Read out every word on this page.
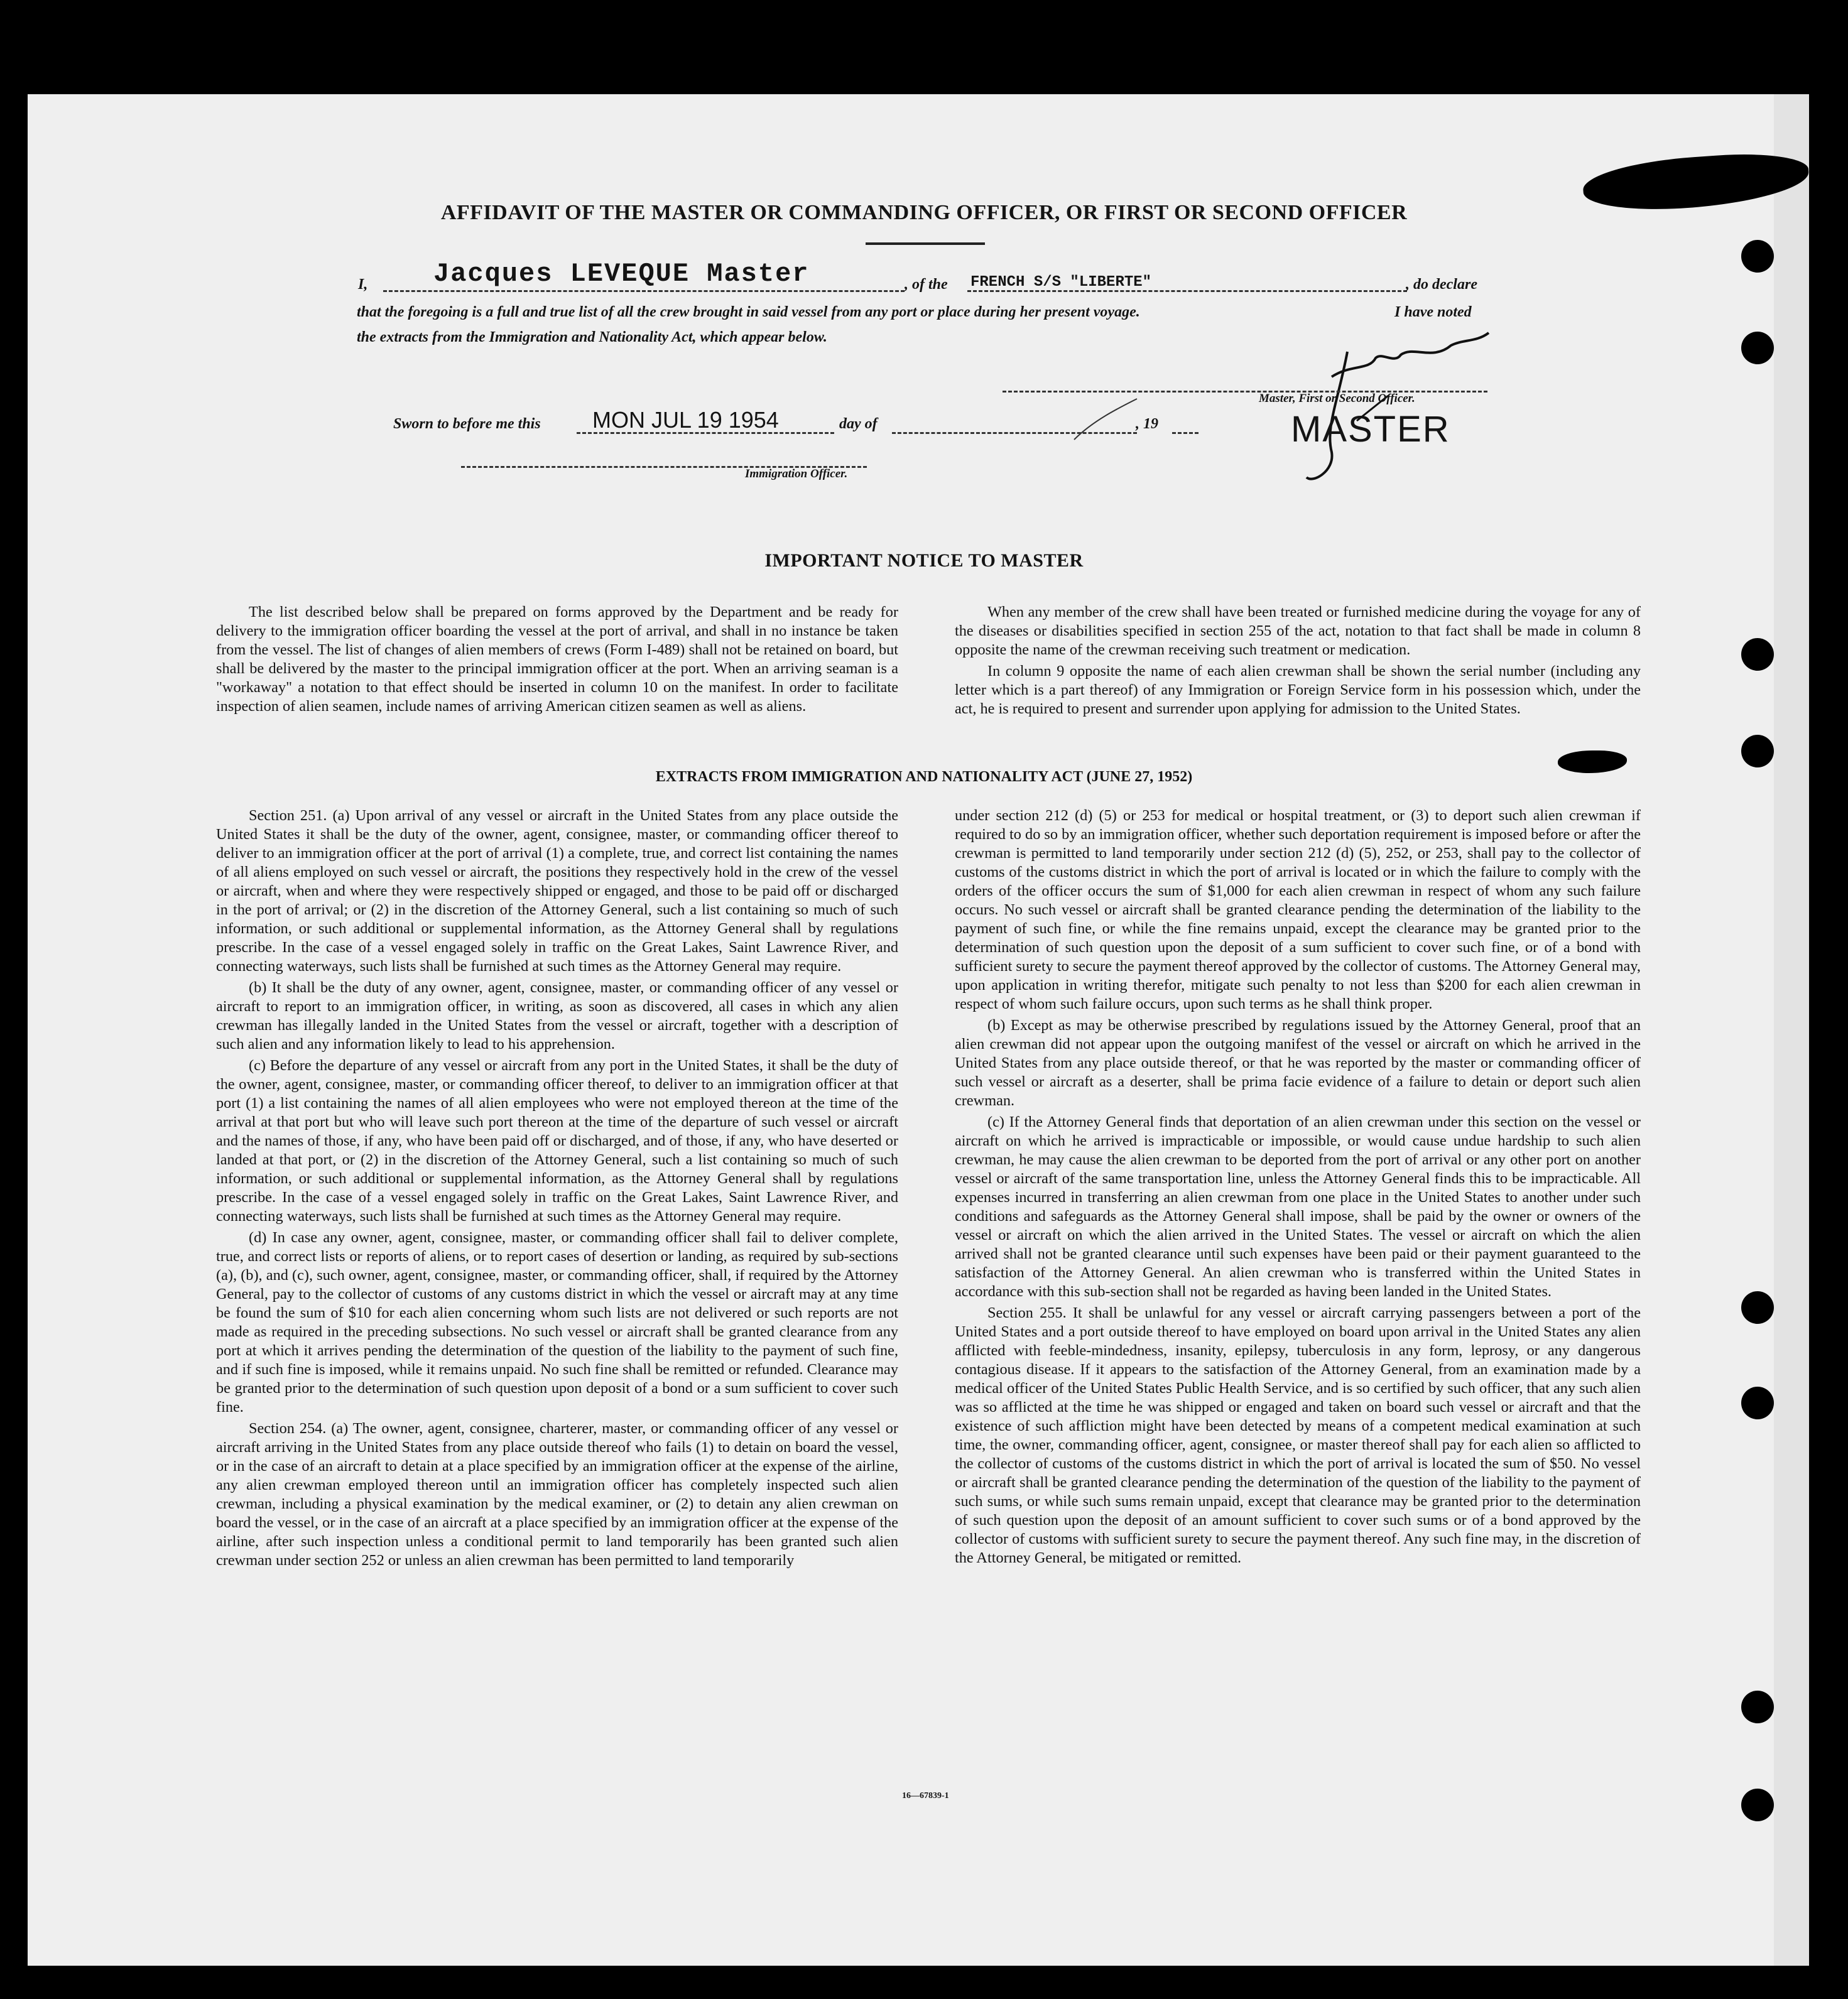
AFFIDAVIT OF THE MASTER OR COMMANDING OFFICER, OR FIRST OR SECOND OFFICER
I, Jacques LEVEQUE Master	, of the FRENCH S/S "LIBERTE"	, do declare
that the foregoing is a full and true list of all the crew brought in said vessel from any port or place during her present voyage.	I have noted
the extracts from the Immigration and Nationality Act, which appear below.
Master, First or Second Officer.
MASTER
Sworn to before me this MON JUL 19 1954	day of	, 19
Immigration Officer.
IMPORTANT NOTICE TO MASTER

The list described below shall be prepared on forms approved by the Department and be ready for delivery to the immigration officer boarding the vessel at the port of arrival, and shall in no instance be taken from the vessel. The list of changes of alien members of crews (Form I-489) shall not be retained on board, but shall be delivered by the master to the principal immigration officer at the port. When an arriving seaman is a "workaway" a notation to that effect should be inserted in column 10 on the manifest. In order to facilitate inspection of alien seamen, include names of arriving American citizen seamen as well as aliens.

When any member of the crew shall have been treated or furnished medicine during the voyage for any of the diseases or disabilities specified in section 255 of the act, notation to that fact shall be made in column 8 opposite the name of the crewman receiving such treatment or medication.

In column 9 opposite the name of each alien crewman shall be shown the serial number (including any letter which is a part thereof) of any Immigration or Foreign Service form in his possession which, under the act, he is required to present and surrender upon applying for admission to the United States.

EXTRACTS FROM IMMIGRATION AND NATIONALITY ACT (JUNE 27, 1952)

Section 251. (a) Upon arrival of any vessel or aircraft in the United States from any place outside the United States it shall be the duty of the owner, agent, consignee, master, or commanding officer thereof to deliver to an immigration officer at the port of arrival (1) a complete, true, and correct list containing the names of all aliens employed on such vessel or aircraft, the positions they respectively hold in the crew of the vessel or aircraft, when and where they were respectively shipped or engaged, and those to be paid off or discharged in the port of arrival; or (2) in the discretion of the Attorney General, such a list containing so much of such information, or such additional or supplemental information, as the Attorney General shall by regulations prescribe. In the case of a vessel engaged solely in traffic on the Great Lakes, Saint Lawrence River, and connecting waterways, such lists shall be furnished at such times as the Attorney General may require.

(b) It shall be the duty of any owner, agent, consignee, master, or commanding officer of any vessel or aircraft to report to an immigration officer, in writing, as soon as discovered, all cases in which any alien crewman has illegally landed in the United States from the vessel or aircraft, together with a description of such alien and any information likely to lead to his apprehension.

(c) Before the departure of any vessel or aircraft from any port in the United States, it shall be the duty of the owner, agent, consignee, master, or commanding officer thereof, to deliver to an immigration officer at that port (1) a list containing the names of all alien employees who were not employed thereon at the time of the arrival at that port but who will leave such port thereon at the time of the departure of such vessel or aircraft and the names of those, if any, who have been paid off or discharged, and of those, if any, who have deserted or landed at that port, or (2) in the discretion of the Attorney General, such a list containing so much of such information, or such additional or supplemental information, as the Attorney General shall by regulations prescribe. In the case of a vessel engaged solely in traffic on the Great Lakes, Saint Lawrence River, and connecting waterways, such lists shall be furnished at such times as the Attorney General may require.

(d) In case any owner, agent, consignee, master, or commanding officer shall fail to deliver complete, true, and correct lists or reports of aliens, or to report cases of desertion or landing, as required by sub-sections (a), (b), and (c), such owner, agent, consignee, master, or commanding officer, shall, if required by the Attorney General, pay to the collector of customs of any customs district in which the vessel or aircraft may at any time be found the sum of $10 for each alien concerning whom such lists are not delivered or such reports are not made as required in the preceding subsections. No such vessel or aircraft shall be granted clearance from any port at which it arrives pending the determination of the question of the liability to the payment of such fine, and if such fine is imposed, while it remains unpaid. No such fine shall be remitted or refunded. Clearance may be granted prior to the determination of such question upon deposit of a bond or a sum sufficient to cover such fine.

Section 254. (a) The owner, agent, consignee, charterer, master, or commanding officer of any vessel or aircraft arriving in the United States from any place outside thereof who fails (1) to detain on board the vessel, or in the case of an aircraft to detain at a place specified by an immigration officer at the expense of the airline, any alien crewman employed thereon until an immigration officer has completely inspected such alien crewman, including a physical examination by the medical examiner, or (2) to detain any alien crewman on board the vessel, or in the case of an aircraft at a place specified by an immigration officer at the expense of the airline, after such inspection unless a conditional permit to land temporarily has been granted such alien crewman under section 252 or unless an alien crewman has been permitted to land temporarily

under section 212 (d) (5) or 253 for medical or hospital treatment, or (3) to deport such alien crewman if required to do so by an immigration officer, whether such deportation requirement is imposed before or after the crewman is permitted to land temporarily under section 212 (d) (5), 252, or 253, shall pay to the collector of customs of the customs district in which the port of arrival is located or in which the failure to comply with the orders of the officer occurs the sum of $1,000 for each alien crewman in respect of whom any such failure occurs. No such vessel or aircraft shall be granted clearance pending the determination of the liability to the payment of such fine, or while the fine remains unpaid, except the clearance may be granted prior to the determination of such question upon the deposit of a sum sufficient to cover such fine, or of a bond with sufficient surety to secure the payment thereof approved by the collector of customs. The Attorney General may, upon application in writing therefor, mitigate such penalty to not less than $200 for each alien crewman in respect of whom such failure occurs, upon such terms as he shall think proper.

(b) Except as may be otherwise prescribed by regulations issued by the Attorney General, proof that an alien crewman did not appear upon the outgoing manifest of the vessel or aircraft on which he arrived in the United States from any place outside thereof, or that he was reported by the master or commanding officer of such vessel or aircraft as a deserter, shall be prima facie evidence of a failure to detain or deport such alien crewman.

(c) If the Attorney General finds that deportation of an alien crewman under this section on the vessel or aircraft on which he arrived is impracticable or impossible, or would cause undue hardship to such alien crewman, he may cause the alien crewman to be deported from the port of arrival or any other port on another vessel or aircraft of the same transportation line, unless the Attorney General finds this to be impracticable. All expenses incurred in transferring an alien crewman from one place in the United States to another under such conditions and safeguards as the Attorney General shall impose, shall be paid by the owner or owners of the vessel or aircraft on which the alien arrived in the United States. The vessel or aircraft on which the alien arrived shall not be granted clearance until such expenses have been paid or their payment guaranteed to the satisfaction of the Attorney General. An alien crewman who is transferred within the United States in accordance with this sub-section shall not be regarded as having been landed in the United States.

Section 255. It shall be unlawful for any vessel or aircraft carrying passengers between a port of the United States and a port outside thereof to have employed on board upon arrival in the United States any alien afflicted with feeble-mindedness, insanity, epilepsy, tuberculosis in any form, leprosy, or any dangerous contagious disease. If it appears to the satisfaction of the Attorney General, from an examination made by a medical officer of the United States Public Health Service, and is so certified by such officer, that any such alien was so afflicted at the time he was shipped or engaged and taken on board such vessel or aircraft and that the existence of such affliction might have been detected by means of a competent medical examination at such time, the owner, commanding officer, agent, consignee, or master thereof shall pay for each alien so afflicted to the collector of customs of the customs district in which the port of arrival is located the sum of $50. No vessel or aircraft shall be granted clearance pending the determination of the question of the liability to the payment of such sums, or while such sums remain unpaid, except that clearance may be granted prior to the determination of such question upon the deposit of an amount sufficient to cover such sums or of a bond approved by the collector of customs with sufficient surety to secure the payment thereof. Any such fine may, in the discretion of the Attorney General, be mitigated or remitted.

16—67839-1
